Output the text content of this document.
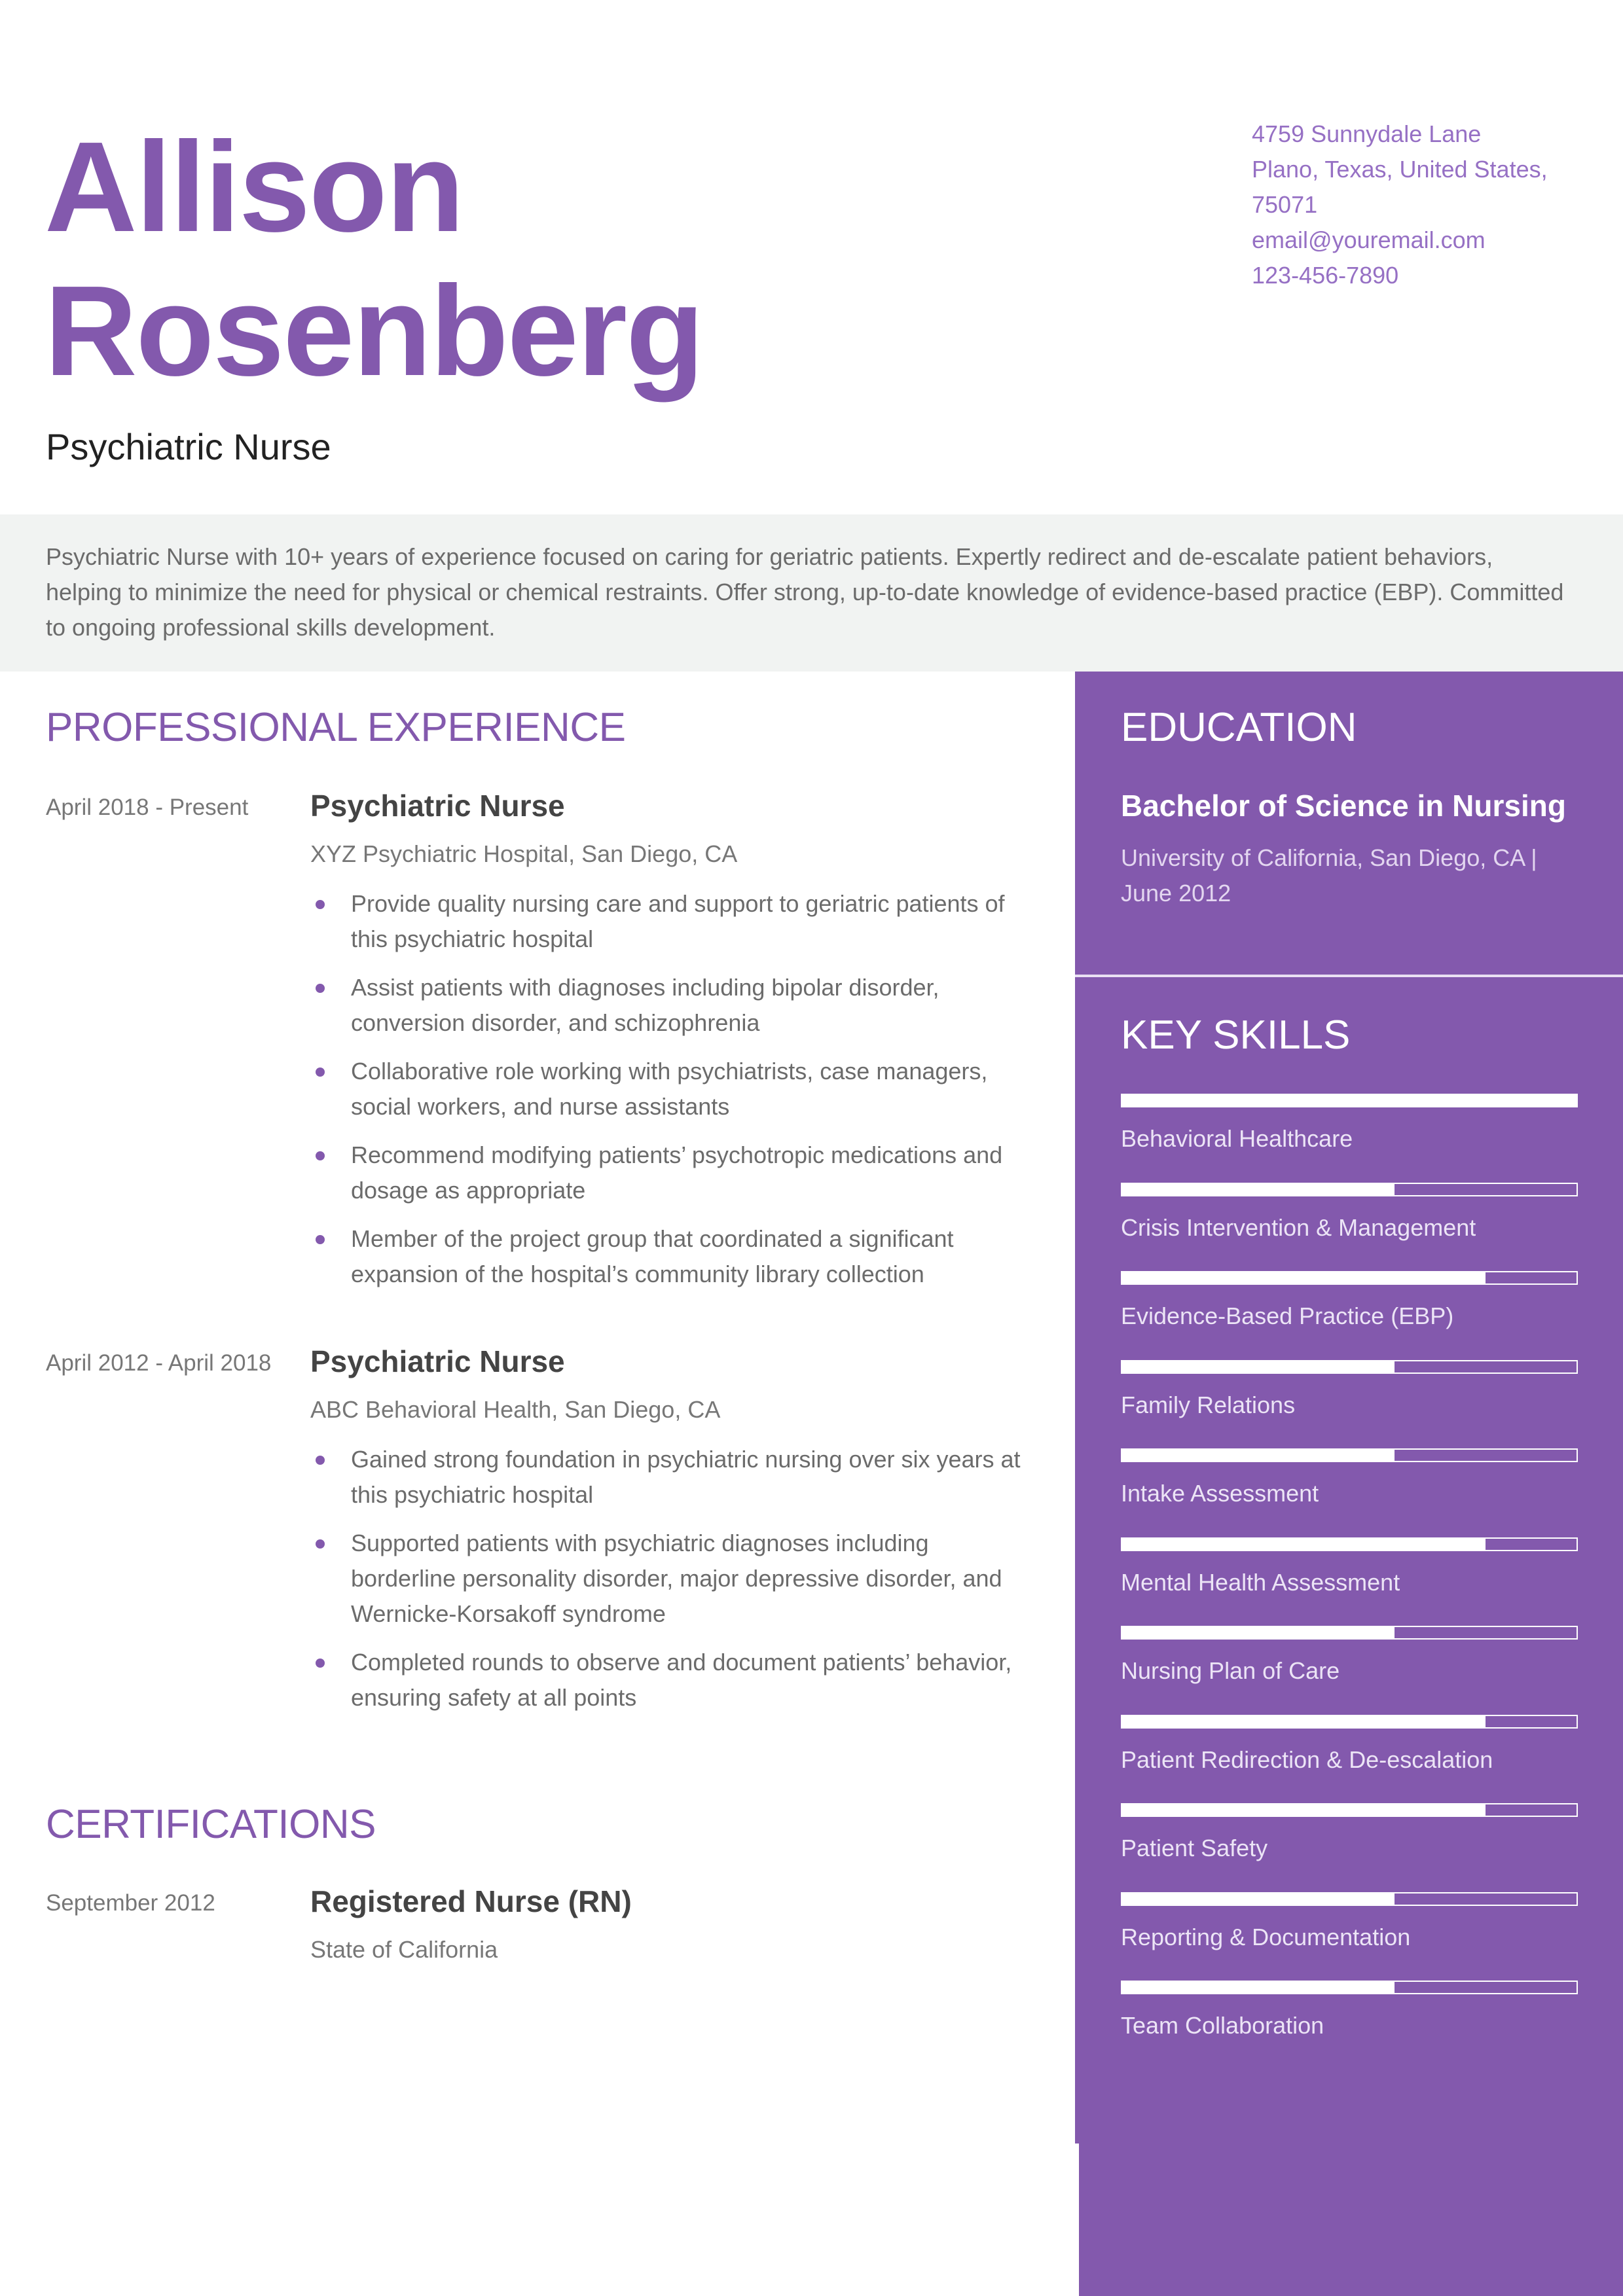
Allison
Rosenberg
Psychiatric Nurse
4759 Sunnydale Lane
Plano, Texas, United States, 75071
email@youremail.com
123-456-7890

Psychiatric Nurse with 10+ years of experience focused on caring for geriatric patients. Expertly redirect and de-escalate patient behaviors, helping to minimize the need for physical or chemical restraints. Offer strong, up-to-date knowledge of evidence-based practice (EBP). Committed to ongoing professional skills development.

PROFESSIONAL EXPERIENCE
April 2018 - Present Psychiatric Nurse
XYZ Psychiatric Hospital, San Diego, CA
Provide quality nursing care and support to geriatric patients of this psychiatric hospital
Assist patients with diagnoses including bipolar disorder, conversion disorder, and schizophrenia
Collaborative role working with psychiatrists, case managers, social workers, and nurse assistants
Recommend modifying patients’ psychotropic medications and dosage as appropriate
Member of the project group that coordinated a significant expansion of the hospital’s community library collection
April 2012 - April 2018 Psychiatric Nurse
ABC Behavioral Health, San Diego, CA
Gained strong foundation in psychiatric nursing over six years at this psychiatric hospital
Supported patients with psychiatric diagnoses including borderline personality disorder, major depressive disorder, and Wernicke-Korsakoff syndrome
Completed rounds to observe and document patients’ behavior, ensuring safety at all points
CERTIFICATIONS
September 2012	Registered Nurse (RN)
State of California
EDUCATION
Bachelor of Science in Nursing
University of California, San Diego, CA | June 2012
KEY SKILLS
Behavioral Healthcare
Crisis Intervention & Management
Evidence-Based Practice (EBP)
Family Relations
Intake Assessment
Mental Health Assessment
Nursing Plan of Care
Patient Redirection & De-escalation
Patient Safety
Reporting & Documentation
Team Collaboration
